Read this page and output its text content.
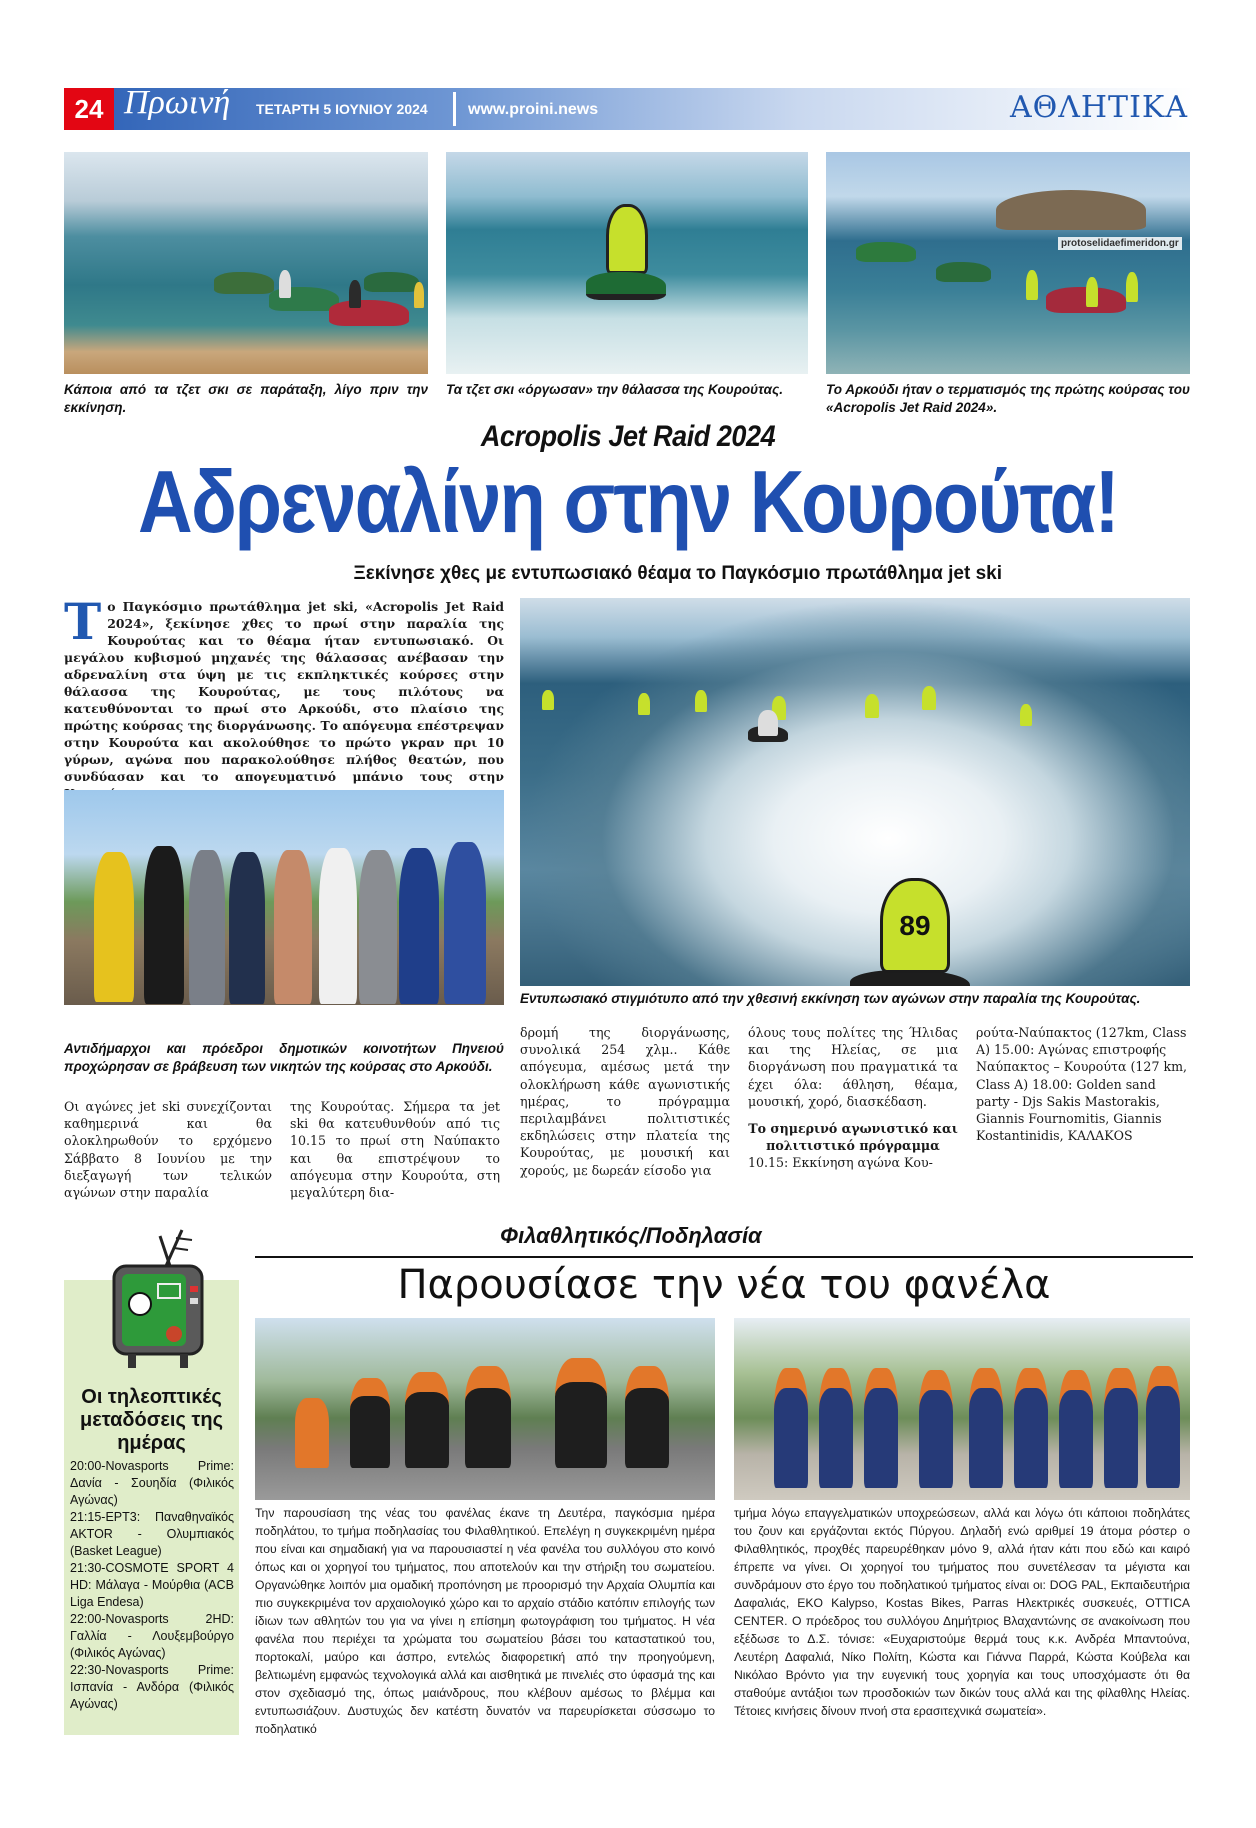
24 Πρωινή ΤΕΤΑΡΤΗ 5 ΙΟΥΝΙΟΥ 2024	www.proini.news	ΑΘΛΗΤΙΚΑ
protoselidaefimeridon.gr
Κάποια από τα τζετ σκι σε παράταξη, λίγο πριν την εκκίνηση.
Τα τζετ σκι «όργωσαν» την θάλασσα της Κουρούτας.	Το Αρκούδι ήταν ο τερματισμός της πρώτης κούρσας του «Acropolis Jet Raid 2024».
Acropolis Jet Raid 2024
Αδρεναλίνη στην Κουρούτα!
Ξεκίνησε χθες με εντυπωσιακό θέαμα το Παγκόσμιο πρωτάθλημα jet ski
Το Παγκόσμιο πρωτάθλημα jet ski, «Acropolis Jet Raid 2024», ξεκίνησε χθες το πρωί στην παραλία της Κουρούτας και το θέαμα ήταν εντυπωσιακό. Οι μεγάλου κυβισμού μηχανές της θάλασσας ανέβασαν την αδρεναλίνη στα ύψη με τις εκπληκτικές κούρσες στην θάλασσα της Κουρούτας, με τους πιλότους να κατευθύνονται το πρωί στο Αρκούδι, στο πλαίσιο της πρώτης κούρσας της διοργάνωσης. Το απόγευμα επέστρεψαν στην Κουρούτα και ακολούθησε το πρώτο γκραν πρι 10 γύρων, αγώνα που παρακολούθησε πλήθος θεατών, που συνδύασαν και το απογευματινό μπάνιο τους στην
Αντιδήμαρχοι και πρόεδροι δημοτικών κοινοτήτων Πηνειού προχώρησαν σε βράβευση των νικητών της κούρσας στο Αρκούδι.
89
Εντυπωσιακό στιγμιότυπο από την χθεσινή εκκίνηση των αγώνων στην παραλία της Κουρούτας.
Οι αγώνες jet ski συνεχίζονται καθημερινά και θα ολοκληρωθούν το ερχόμενο Σάββατο 8 Ιουνίου με την διεξαγωγή των τελικών αγώνων στην παραλία
της Κουρούτας. Σήμερα τα jet ski θα κατευθυνθούν από τις 10.15 το πρωί στη Ναύπακτο και θα επιστρέψουν το απόγευμα στην Κουρούτα, στη μεγαλύτερη δια-
δρομή της διοργάνωσης, συνολικά 254 χλμ.. Κάθε απόγευμα, αμέσως μετά την ολοκλήρωση κάθε αγωνιστικής ημέρας, το πρόγραμμα περιλαμβάνει πολιτιστικές εκδηλώσεις στην πλατεία της Κουρούτας, με μουσική και χορούς, με δωρεάν είσοδο για
όλους τους πολίτες της Ήλιδας και της Ηλείας, σε μια διοργάνωση που πραγματικά τα έχει όλα: άθληση, θέαμα, μουσική, χορό, διασκέδαση.
Το σημερινό αγωνιστικό και πολιτιστικό πρόγραμμα
10.15: Εκκίνηση αγώνα Κου-
ρούτα-Ναύπακτος (127km, Class A) 15.00: Αγώνας επιστροφής Ναύπακτος – Κουρούτα (127 km, Class A) 18.00: Golden sand party - Djs Sakis Mastorakis, Giannis Fournomitis, Giannis Kostantinidis, ΚΑΛΑΚΟS
Οι τηλεοπτικές μεταδόσεις της ημέρας
20:00-Novasports Prime: Δανία - Σουηδία (Φιλικός Αγώνας)
21:15-ΕΡΤ3: Παναθηναϊκός AKTOR - Ολυμπιακός (Basket League)
21:30-COSMOTE SPORT 4 HD: Μάλαγα - Μούρθια (ACB Liga Endesa)
22:00-Novasports 2HD: Γαλλία - Λουξεμβούργο (Φιλικός Αγώνας)
22:30-Novasports Prime: Ισπανία - Ανδόρα (Φιλικός Αγώνας)
Φιλαθλητικός/Ποδηλασία
Παρουσίασε την νέα του φανέλα
Την παρουσίαση της νέας του φανέλας έκανε τη Δευτέρα, παγκόσμια ημέρα ποδηλάτου, το τμήμα ποδηλασίας του Φιλαθλητικού. Επελέγη η συγκεκριμένη ημέρα που είναι και σημαδιακή για να παρουσιαστεί η νέα φανέλα του συλλόγου στο κοινό όπως και οι χορηγοί του τμήματος, που αποτελούν και την στήριξη του σωματείου. Οργανώθηκε λοιπόν μια ομαδική προπόνηση με προορισμό την Αρχαία Ολυμπία και πιο συγκεκριμένα τον αρχαιολογικό χώρο και το αρχαίο στάδιο κατόπιν επιλογής των ίδιων των αθλητών του για να γίνει η επίσημη φωτογράφιση του τμήματος. Η νέα φανέλα που περιέχει τα χρώματα του σωματείου βάσει του καταστατικού του, πορτοκαλί, μαύρο και άσπρο, εντελώς διαφορετική από την προηγούμενη, βελτιωμένη εμφανώς τεχνολογικά αλλά και αισθητικά με πινελιές στο ύφασμά της και στον σχεδιασμό της, όπως μαιάνδρους, που κλέβουν αμέσως το βλέμμα και εντυπωσιάζουν. Δυστυχώς δεν κατέστη δυνατόν να παρευρίσκεται σύσσωμο το ποδηλατικό
τμήμα λόγω επαγγελματικών υποχρεώσεων, αλλά και λόγω ότι κάποιοι ποδηλάτες του ζουν και εργάζονται εκτός Πύργου. Δηλαδή ενώ αριθμεί 19 άτομα ρόστερ ο Φιλαθλητικός, προχθές παρευρέθηκαν μόνο 9, αλλά ήταν κάτι που εδώ και καιρό έπρεπε να γίνει. Οι χορηγοί του τμήματος που συνετέλεσαν τα μέγιστα και συνδράμουν στο έργο του ποδηλατικού τμήματος είναι οι: DOG PAL, Εκπαιδευτήρια Δαφαλιάς, EKO Kalypso, Kostas Bikes, Parras Ηλεκτρικές συσκευές, OTTICA CENTER. Ο πρόεδρος του συλλόγου Δημήτριος Βλαχαντώνης σε ανακοίνωση που εξέδωσε το Δ.Σ. τόνισε: «Ευχαριστούμε θερμά τους κ.κ. Ανδρέα Μπαντούνα, Λευτέρη Δαφαλιά, Νίκο Πολίτη, Κώστα και Γιάννα Παρρά, Κώστα Κούβελα και Νικόλαο Βρόντο για την ευγενική τους χορηγία και τους υποσχόμαστε ότι θα σταθούμε αντάξιοι των προσδοκιών των δικών τους αλλά και της φίλαθλης Ηλείας. Τέτοιες κινήσεις δίνουν πνοή στα ερασιτεχνικά σωματεία».
